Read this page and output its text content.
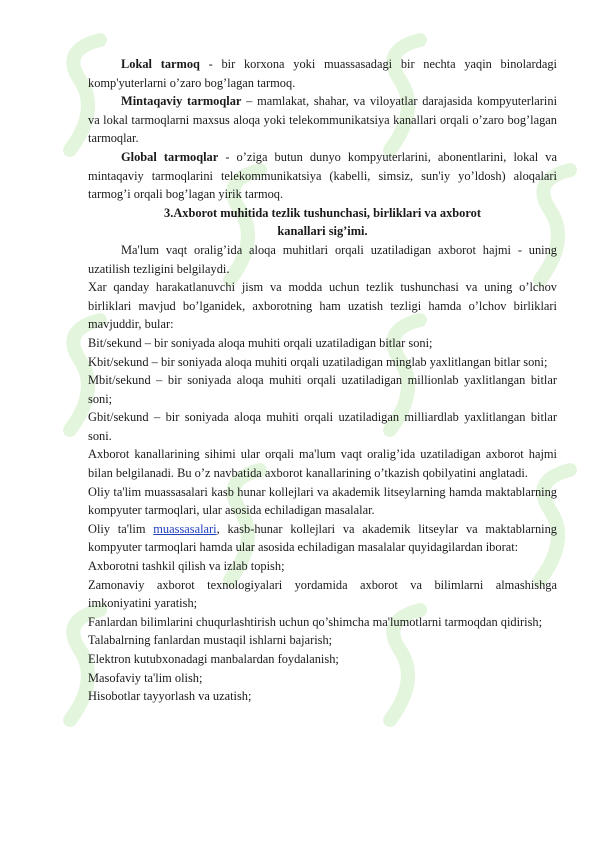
Lokal tarmoq - bir korxona yoki muassasadagi bir nechta yaqin binolardagi komp'yuterlarni o’zaro bog’lagan tarmoq.

Mintaqaviy tarmoqlar – mamlakat, shahar, va viloyatlar darajasida kompyuterlarini va lokal tarmoqlarni maxsus aloqa yoki telekommunikatsiya kanallari orqali o’zaro bog’lagan tarmoqlar.

Global tarmoqlar - o’ziga butun dunyo kompyuterlarini, abonentlarini, lokal va mintaqaviy tarmoqlarini telekommunikatsiya (kabelli, simsiz, sun'iy yo’ldosh) aloqalari tarmog’i orqali bog’lagan yirik tarmoq.

3.Axborot muhitida tezlik tushunchasi, birliklari va axborot

kanallari sig’imi.

Ma'lum vaqt oralig’ida aloqa muhitlari orqali uzatiladigan axborot hajmi - uning uzatilish tezligini belgilaydi.

Xar qanday harakatlanuvchi jism va modda uchun tezlik tushunchasi va uning o’lchov birliklari mavjud bo’lganidek, axborotning ham uzatish tezligi hamda o’lchov birliklari mavjuddir, bular:

Bit/sekund – bir soniyada aloqa muhiti orqali uzatiladigan bitlar soni;

Kbit/sekund – bir soniyada aloqa muhiti orqali uzatiladigan minglab yaxlitlangan bitlar soni;

Mbit/sekund – bir soniyada aloqa muhiti orqali uzatiladigan millionlab yaxlitlangan bitlar soni;

Gbit/sekund – bir soniyada aloqa muhiti orqali uzatiladigan milliardlab yaxlitlangan bitlar soni.

Axborot kanallarining sihimi ular orqali ma'lum vaqt oralig’ida uzatiladigan axborot hajmi bilan belgilanadi. Bu o’z navbatida axborot kanallarining o’tkazish qobilyatini anglatadi.

Oliy ta'lim muassasalari kasb hunar kollejlari va akademik litseylarning hamda maktablarning kompyuter tarmoqlari, ular asosida echiladigan masalalar.

Oliy ta'lim muassasalari, kasb-hunar kollejlari va akademik litseylar va maktablarning kompyuter tarmoqlari hamda ular asosida echiladigan masalalar quyidagilardan iborat:

Axborotni tashkil qilish va izlab topish;

Zamonaviy axborot texnologiyalari yordamida axborot va bilimlarni almashishga imkoniyatini yaratish;

Fanlardan bilimlarini chuqurlashtirish uchun qo’shimcha ma'lumotlarni tarmoqdan qidirish;

Talabalrning fanlardan mustaqil ishlarni bajarish;

Elektron kutubxonadagi manbalardan foydalanish;

Masofaviy ta'lim olish;

Hisobotlar tayyorlash va uzatish;
